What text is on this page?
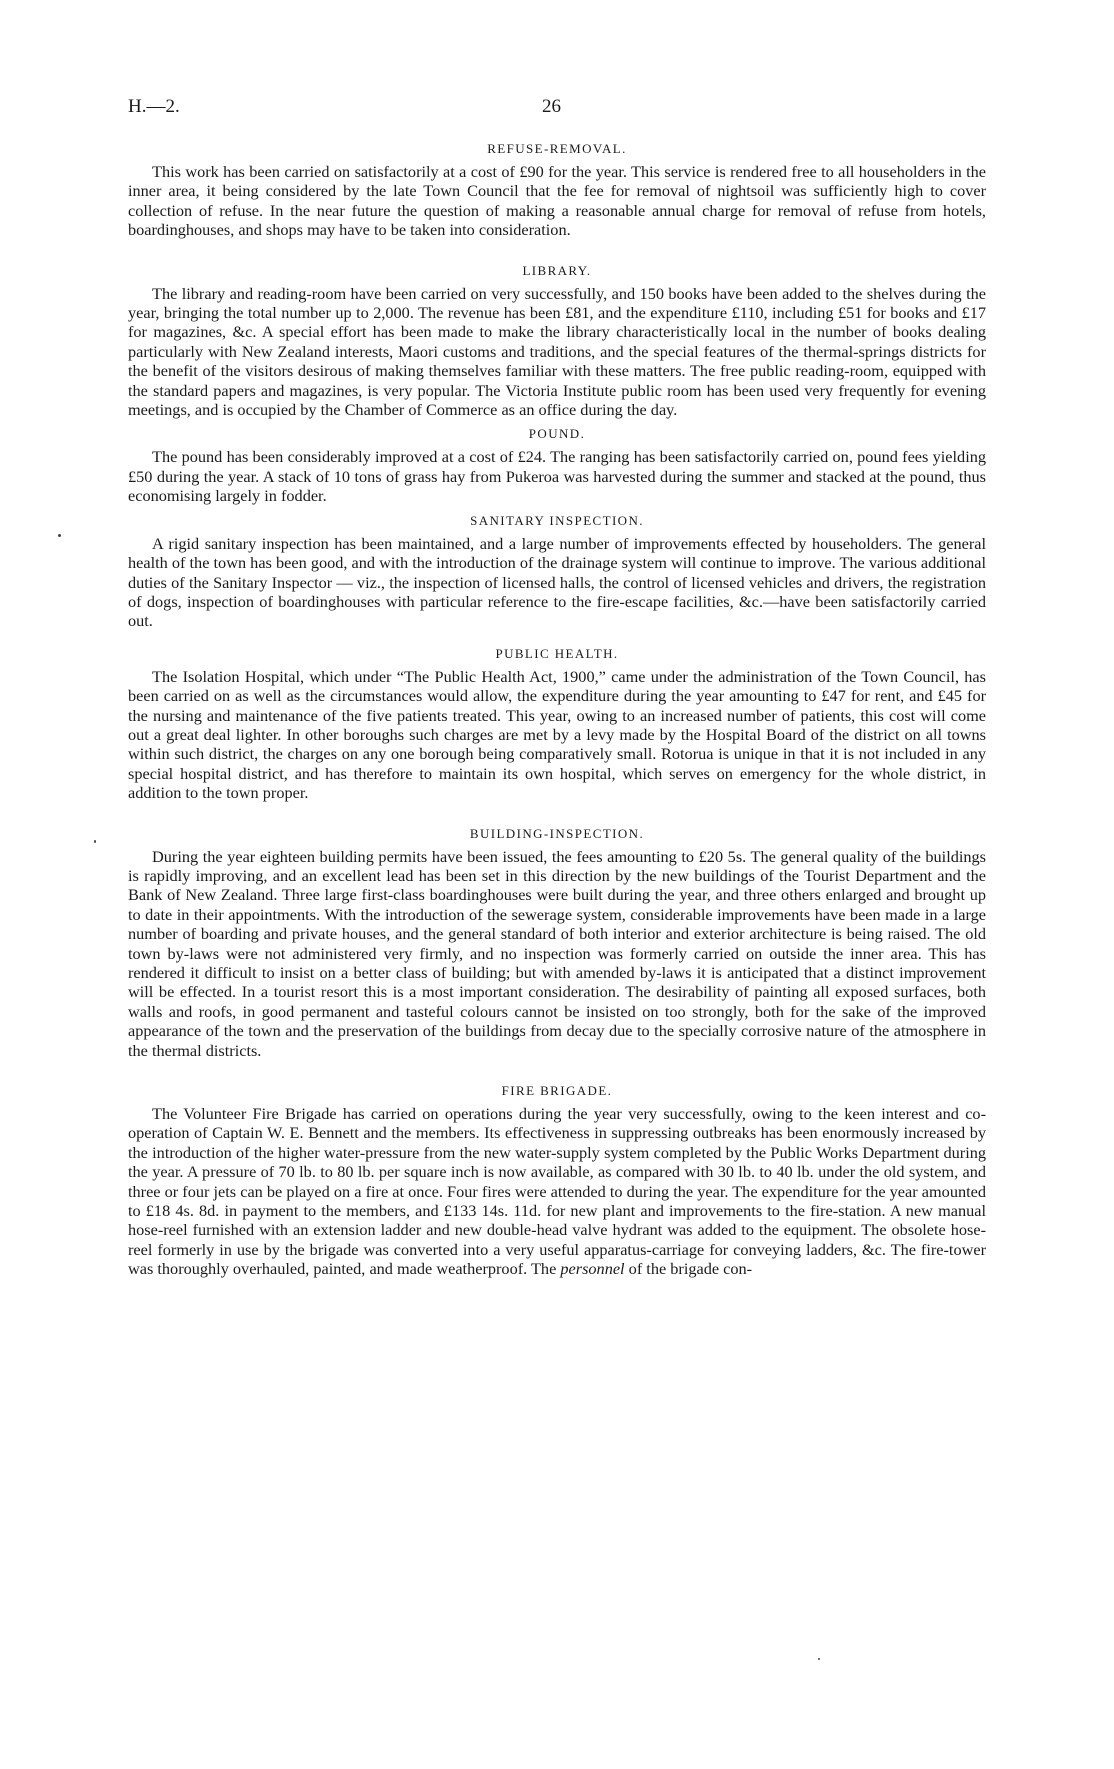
H.—2.	26
REFUSE-REMOVAL.

This work has been carried on satisfactorily at a cost of £90 for the year. This service is rendered free to all householders in the inner area, it being considered by the late Town Council that the fee for removal of nightsoil was sufficiently high to cover collection of refuse. In the near future the question of making a reasonable annual charge for removal of refuse from hotels, boardinghouses, and shops may have to be taken into consideration.

LIBRARY.

The library and reading-room have been carried on very successfully, and 150 books have been added to the shelves during the year, bringing the total number up to 2,000. The revenue has been £81, and the expenditure £110, including £51 for books and £17 for magazines, &c. A special effort has been made to make the library characteristically local in the number of books dealing particularly with New Zealand interests, Maori customs and traditions, and the special features of the thermal-springs districts for the benefit of the visitors desirous of making themselves familiar with these matters. The free public reading-room, equipped with the standard papers and magazines, is very popular. The Victoria Institute public room has been used very frequently for evening meetings, and is occupied by the Chamber of Commerce as an office during the day.

POUND.

The pound has been considerably improved at a cost of £24. The ranging has been satisfactorily carried on, pound fees yielding £50 during the year. A stack of 10 tons of grass hay from Pukeroa was harvested during the summer and stacked at the pound, thus economising largely in fodder.

SANITARY INSPECTION.

A rigid sanitary inspection has been maintained, and a large number of improvements effected by householders. The general health of the town has been good, and with the introduction of the drainage system will continue to improve. The various additional duties of the Sanitary Inspector — viz., the inspection of licensed halls, the control of licensed vehicles and drivers, the registration of dogs, inspection of boardinghouses with particular reference to the fire-escape facilities, &c.—have been satisfactorily carried out.

PUBLIC HEALTH.

The Isolation Hospital, which under “The Public Health Act, 1900,” came under the administration of the Town Council, has been carried on as well as the circumstances would allow, the expenditure during the year amounting to £47 for rent, and £45 for the nursing and maintenance of the five patients treated. This year, owing to an increased number of patients, this cost will come out a great deal lighter. In other boroughs such charges are met by a levy made by the Hospital Board of the district on all towns within such district, the charges on any one borough being comparatively small. Rotorua is unique in that it is not included in any special hospital district, and has therefore to maintain its own hospital, which serves on emergency for the whole district, in addition to the town proper.

BUILDING-INSPECTION.

During the year eighteen building permits have been issued, the fees amounting to £20 5s. The general quality of the buildings is rapidly improving, and an excellent lead has been set in this direction by the new buildings of the Tourist Department and the Bank of New Zealand. Three large first-class boardinghouses were built during the year, and three others enlarged and brought up to date in their appointments. With the introduction of the sewerage system, considerable improvements have been made in a large number of boarding and private houses, and the general standard of both interior and exterior architecture is being raised. The old town by-laws were not administered very firmly, and no inspection was formerly carried on outside the inner area. This has rendered it difficult to insist on a better class of building; but with amended by-laws it is anticipated that a distinct improvement will be effected. In a tourist resort this is a most important consideration. The desirability of painting all exposed surfaces, both walls and roofs, in good permanent and tasteful colours cannot be insisted on too strongly, both for the sake of the improved appearance of the town and the preservation of the buildings from decay due to the specially corrosive nature of the atmosphere in the thermal districts.

FIRE BRIGADE.

The Volunteer Fire Brigade has carried on operations during the year very successfully, owing to the keen interest and co-operation of Captain W. E. Bennett and the members. Its effectiveness in suppressing outbreaks has been enormously increased by the introduction of the higher water-pressure from the new water-supply system completed by the Public Works Department during the year. A pressure of 70 lb. to 80 lb. per square inch is now available, as compared with 30 lb. to 40 lb. under the old system, and three or four jets can be played on a fire at once. Four fires were attended to during the year. The expenditure for the year amounted to £18 4s. 8d. in payment to the members, and £133 14s. 11d. for new plant and improvements to the fire-station. A new manual hose-reel furnished with an extension ladder and new double-head valve hydrant was added to the equipment. The obsolete hose-reel formerly in use by the brigade was converted into a very useful apparatus-carriage for conveying ladders, &c. The fire-tower was thoroughly overhauled, painted, and made weatherproof. The personnel of the brigade con-
